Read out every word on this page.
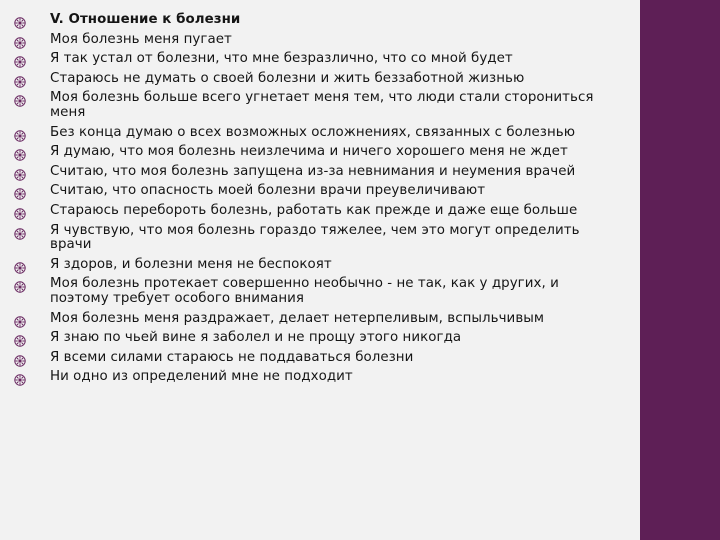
V. Отношение к болезни
Моя болезнь меня пугает
Я так устал от болезни, что мне безразлично, что со мной будет
Стараюсь не думать о своей болезни и жить беззаботной жизнью
Моя болезнь больше всего угнетает меня тем, что люди стали сторониться меня
Без конца думаю о всех возможных осложнениях, связанных с болезнью
Я думаю, что моя болезнь неизлечима и ничего хорошего меня не ждет
Считаю, что моя болезнь запущена из-за невнимания и неумения врачей
Считаю, что опасность моей болезни врачи преувеличивают
Стараюсь перебороть болезнь, работать как прежде и даже еще больше
Я чувствую, что моя болезнь гораздо тяжелее, чем это могут определить врачи
Я здоров, и болезни меня не беспокоят
Моя болезнь протекает совершенно необычно - не так, как у других, и поэтому требует особого внимания
Моя болезнь меня раздражает, делает нетерпеливым, вспыльчивым
Я знаю по чьей вине я заболел и не прощу этого никогда
Я всеми силами стараюсь не поддаваться болезни
Ни одно из определений мне не подходит
